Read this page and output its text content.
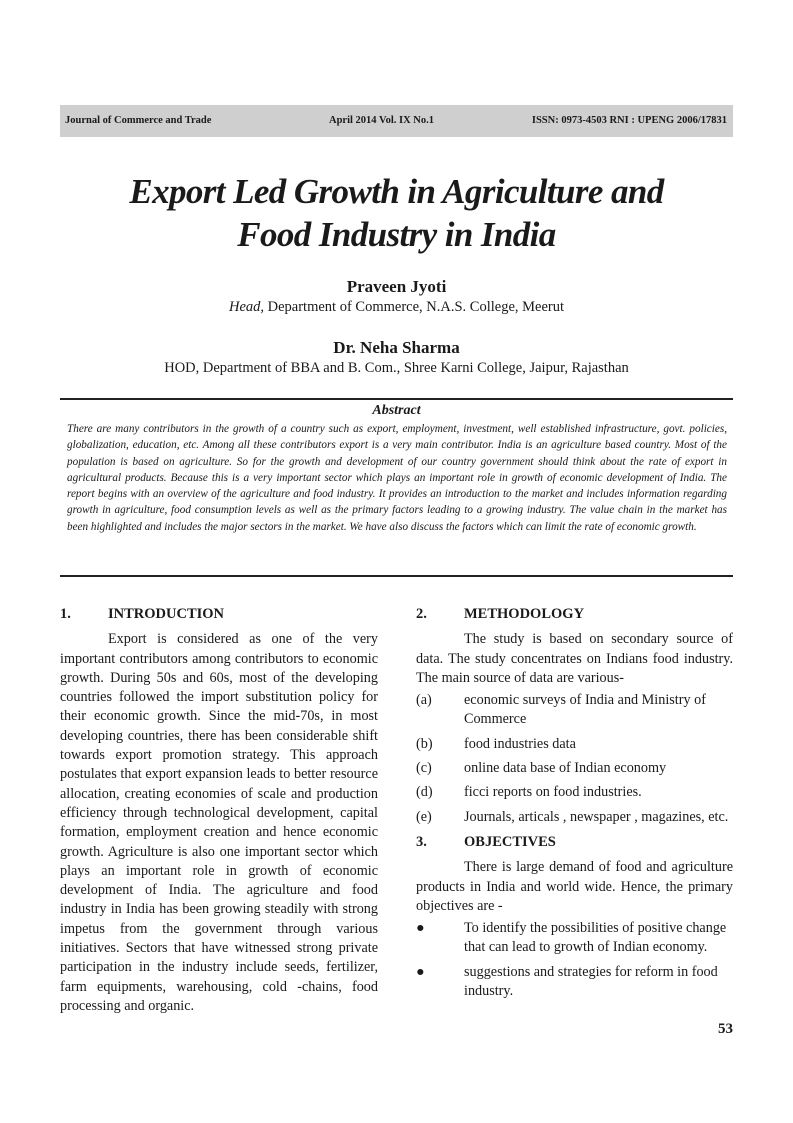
Journal of Commerce and Trade	April 2014 Vol. IX No.1	ISSN: 0973-4503 RNI : UPENG 2006/17831
Export Led Growth in Agriculture and
Food Industry in India
Praveen Jyoti
Head, Department of Commerce, N.A.S. College, Meerut
Dr. Neha Sharma
HOD, Department of BBA and B. Com., Shree Karni College, Jaipur, Rajasthan
Abstract
There are many contributors in the growth of a country such as export, employment, investment, well established infrastructure, govt. policies, globalization, education, etc. Among all these contributors export is a very main contributor. India is an agriculture based country. Most of the population is based on agriculture. So for the growth and development of our country government should think about the rate of export in agricultural products. Because this is a very important sector which plays an important role in growth of economic development of India. The report begins with an overview of the agriculture and food industry. It provides an introduction to the market and includes information regarding growth in agriculture, food consumption levels as well as the primary factors leading to a growing industry. The value chain in the market has been highlighted and includes the major sectors in the market. We have also discuss the factors which can limit the rate of economic growth.
1.	INTRODUCTION

Export is considered as one of the very important contributors among contributors to economic growth. During 50s and 60s, most of the developing countries followed the import substitution policy for their economic growth. Since the mid-70s, in most developing countries, there has been considerable shift towards export promotion strategy. This approach postulates that export expansion leads to better resource allocation, creating economies of scale and production efficiency through technological development, capital formation, employment creation and hence economic growth. Agriculture is also one important sector which plays an important role in growth of economic development of India. The agriculture and food industry in India has been growing steadily with strong impetus from the government through various initiatives. Sectors that have witnessed strong private participation in the industry include seeds, fertilizer, farm equipments, warehousing, cold -chains, food processing and organic.

2.	METHODOLOGY

The study is based on secondary source of data. The study concentrates on Indians food industry. The main source of data are various-

(a)	economic surveys of India and Ministry of Commerce
(b)	food industries data
(c)	online data base of Indian economy
(d)	ficci reports on food industries.
(e)	Journals, articals , newspaper , magazines, etc.
3.	OBJECTIVES

There is large demand of food and agriculture products in India and world wide. Hence, the primary objectives are -

●	To identify the possibilities of positive change that can lead to growth of Indian economy.
●	suggestions and strategies for reform in food industry.
53
